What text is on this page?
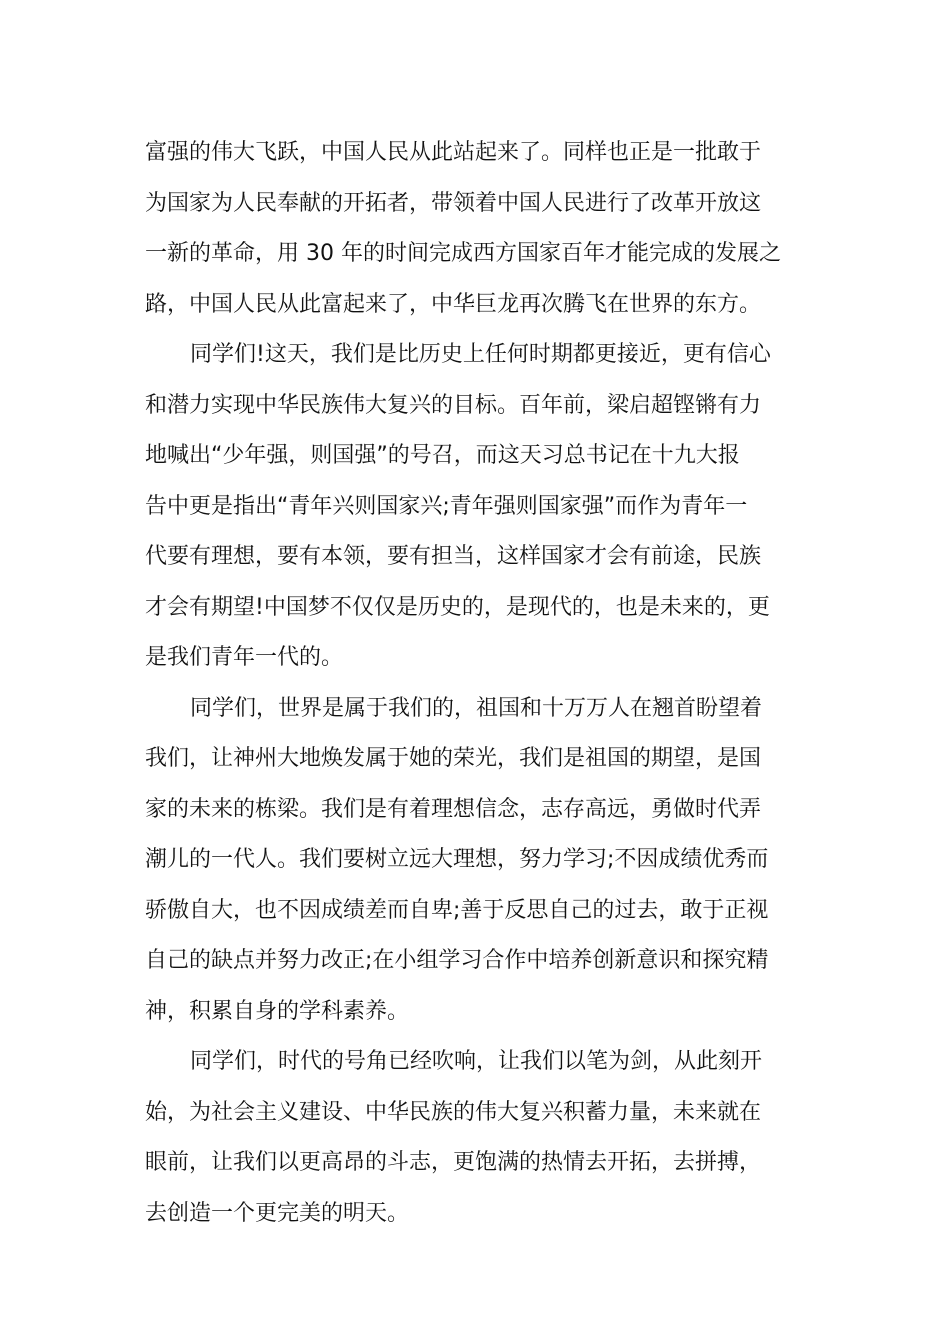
富强的伟大飞跃，中国人民从此站起来了。同样也正是一批敢于
为国家为人民奉献的开拓者，带领着中国人民进行了改革开放这
一新的革命，用 30 年的时间完成西方国家百年才能完成的发展之
路，中国人民从此富起来了，中华巨龙再次腾飞在世界的东方。
同学们!这天，我们是比历史上任何时期都更接近，更有信心
和潜力实现中华民族伟大复兴的目标。百年前，梁启超铿锵有力
地喊出“少年强，则国强”的号召，而这天习总书记在十九大报
告中更是指出“青年兴则国家兴;青年强则国家强”而作为青年一
代要有理想，要有本领，要有担当，这样国家才会有前途，民族
才会有期望!中国梦不仅仅是历史的，是现代的，也是未来的，更
是我们青年一代的。
同学们，世界是属于我们的，祖国和十万万人在翘首盼望着
我们，让神州大地焕发属于她的荣光，我们是祖国的期望，是国
家的未来的栋梁。我们是有着理想信念，志存高远，勇做时代弄
潮儿的一代人。我们要树立远大理想，努力学习;不因成绩优秀而
骄傲自大，也不因成绩差而自卑;善于反思自己的过去，敢于正视
自己的缺点并努力改正;在小组学习合作中培养创新意识和探究精
神，积累自身的学科素养。
同学们，时代的号角已经吹响，让我们以笔为剑，从此刻开
始，为社会主义建设、中华民族的伟大复兴积蓄力量，未来就在
眼前，让我们以更高昂的斗志，更饱满的热情去开拓，去拼搏，
去创造一个更完美的明天。
